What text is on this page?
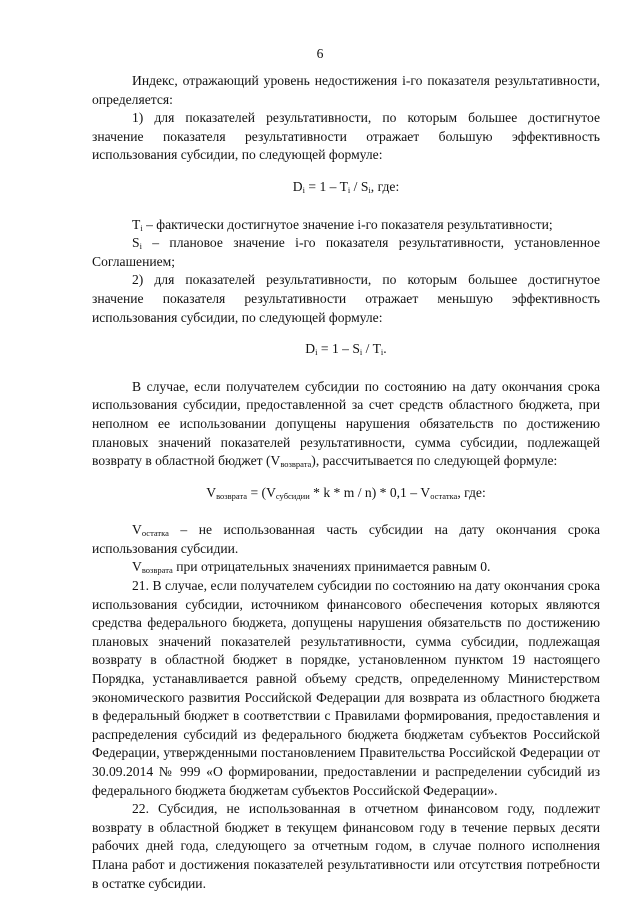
6

Индекс, отражающий уровень недостижения i-го показателя результативности, определяется:

1) для показателей результативности, по которым большее достигнутое значение показателя результативности отражает большую эффективность использования субсидии, по следующей формуле:

$D_i = 1 - T_i / S_i$, где:

$T_i$ – фактически достигнутое значение i-го показателя результативности;

$S_i$ – плановое значение i-го показателя результативности, установленное Соглашением;

2) для показателей результативности, по которым большее достигнутое значение показателя результативности отражает меньшую эффективность использования субсидии, по следующей формуле:

$D_i = 1 - S_i / T_i$.

В случае, если получателем субсидии по состоянию на дату окончания срока использования субсидии, предоставленной за счет средств областного бюджета, при неполном ее использовании допущены нарушения обязательств по достижению плановых значений показателей результативности, сумма субсидии, подлежащей возврату в областной бюджет $(V_{возврата})$, рассчитывается по следующей формуле:

$V_{возврата} = (V_{субсидии} * k * m / n) * 0,1 - V_{остатка}$, где:

$V_{остатка}$ – не использованная часть субсидии на дату окончания срока использования субсидии.

$V_{возврата}$ при отрицательных значениях принимается равным 0.

21. В случае, если получателем субсидии по состоянию на дату окончания срока использования субсидии, источником финансового обеспечения которых являются средства федерального бюджета, допущены нарушения обязательств по достижению плановых значений показателей результативности, сумма субсидии, подлежащая возврату в областной бюджет в порядке, установленном пунктом 19 настоящего Порядка, устанавливается равной объему средств, определенному Министерством экономического развития Российской Федерации для возврата из областного бюджета в федеральный бюджет в соответствии с Правилами формирования, предоставления и распределения субсидий из федерального бюджета бюджетам субъектов Российской Федерации, утвержденными постановлением Правительства Российской Федерации от 30.09.2014 № 999 «О формировании, предоставлении и распределении субсидий из федерального бюджета бюджетам субъектов Российской Федерации».

22. Субсидия, не использованная в отчетном финансовом году, подлежит возврату в областной бюджет в текущем финансовом году в течение первых десяти рабочих дней года, следующего за отчетным годом, в случае полного исполнения Плана работ и достижения показателей результативности или отсутствия потребности в остатке субсидии.
